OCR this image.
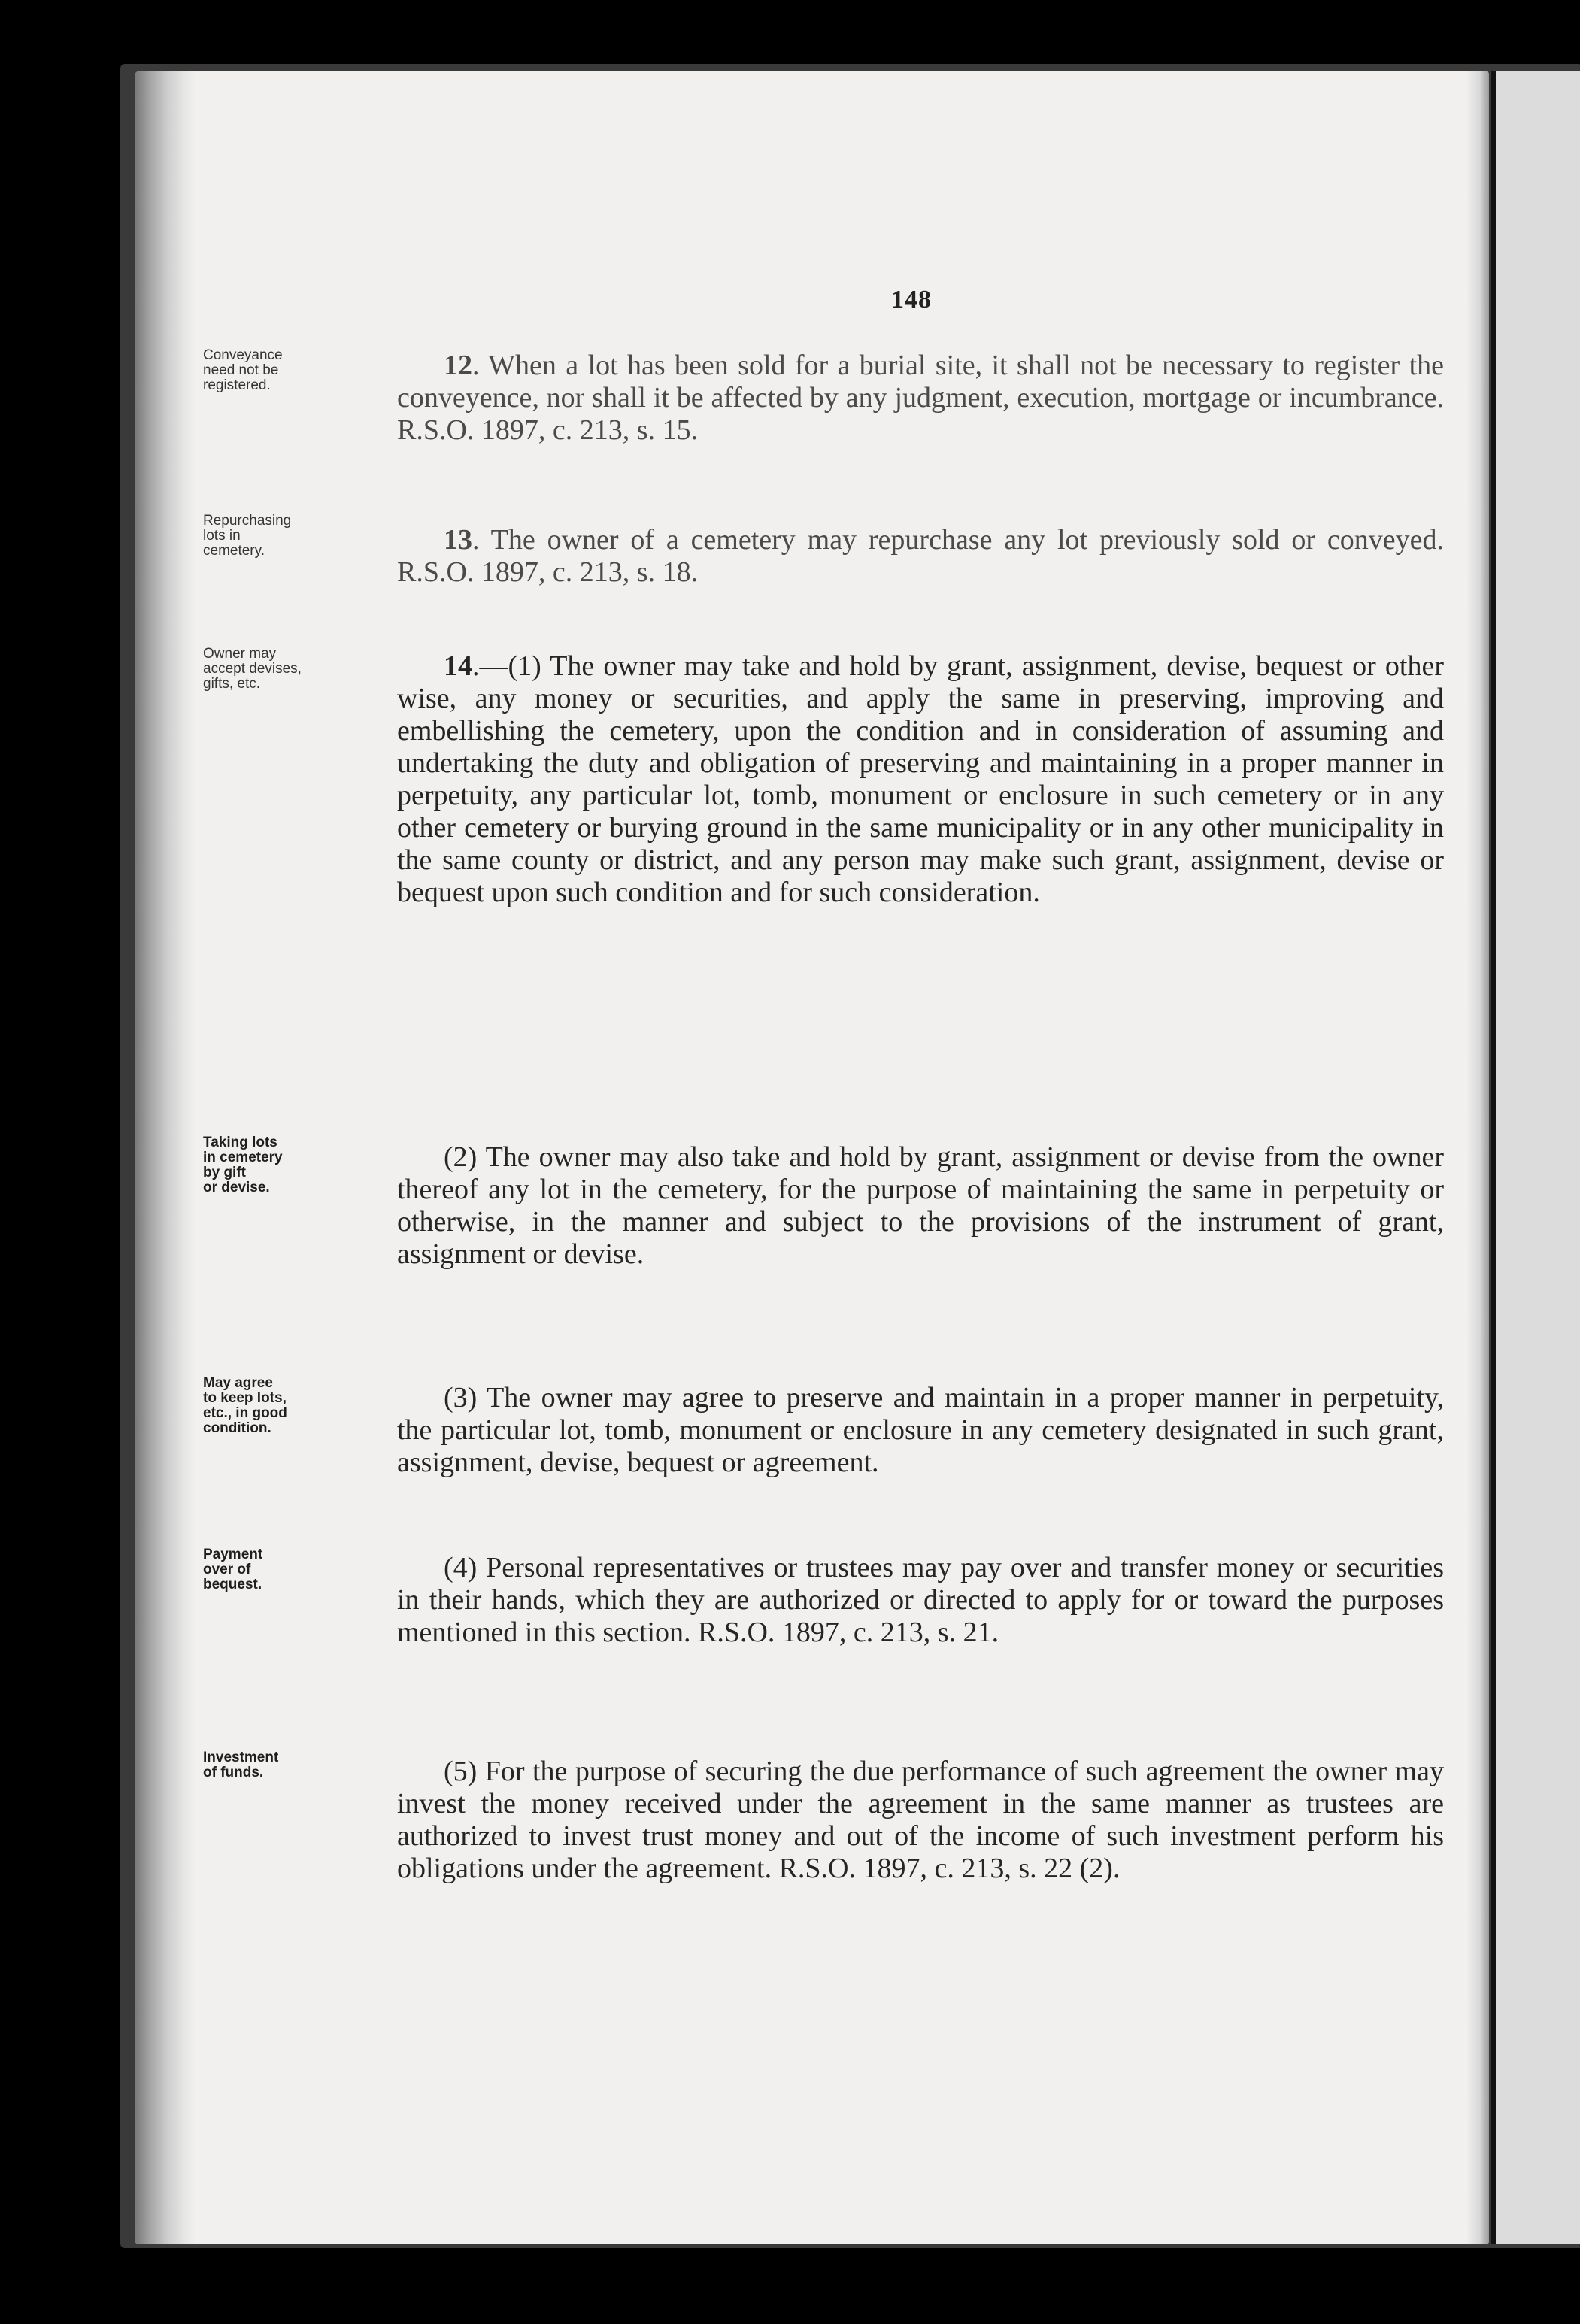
148
Conveyance
need not be
registered.
12. When a lot has been sold for a burial site, it shall not be necessary to register the conveyence, nor shall it be affected by any judgment, execution, mortgage or incumbrance. R.S.O. 1897, c. 213, s. 15.
Repurchasing
lots in
cemetery.	13. The owner of a cemetery may repurchase any lot previously sold or conveyed. R.S.O. 1897, c. 213, s. 18.
Owner may
accept devises,
gifts, etc.
14.—(1) The owner may take and hold by grant, assignment, devise, bequest or other wise, any money or securities, and apply the same in preserving, improving and embellishing the cemetery, upon the condition and in consideration of assuming and undertaking the duty and obligation of preserving and maintaining in a proper manner in perpetuity, any particular lot, tomb, monument or enclosure in such cemetery or in any other cemetery or burying ground in the same municipality or in any other municipality in the same county or district, and any person may make such grant, assignment, devise or bequest upon such condition and for such consideration.
Taking lots
in cemetery
by gift
or devise.
(2) The owner may also take and hold by grant, assignment or devise from the owner thereof any lot in the cemetery, for the purpose of maintaining the same in perpetuity or otherwise, in the manner and subject to the provisions of the instrument of grant, assignment or devise.
May agree
to keep lots,
etc., in good
condition.
(3) The owner may agree to preserve and maintain in a proper manner in perpetuity, the particular lot, tomb, monument or enclosure in any cemetery designated in such grant, assignment, devise, bequest or agreement.
Payment
over of
bequest.
(4) Personal representatives or trustees may pay over and transfer money or securities in their hands, which they are authorized or directed to apply for or toward the purposes mentioned in this section. R.S.O. 1897, c. 213, s. 21.
Investment
of funds.	(5) For the purpose of securing the due performance of such agreement the owner may invest the money received under the agreement in the same manner as trustees are authorized to invest trust money and out of the income of such investment perform his obligations under the agreement. R.S.O. 1897, c. 213, s. 22 (2).
